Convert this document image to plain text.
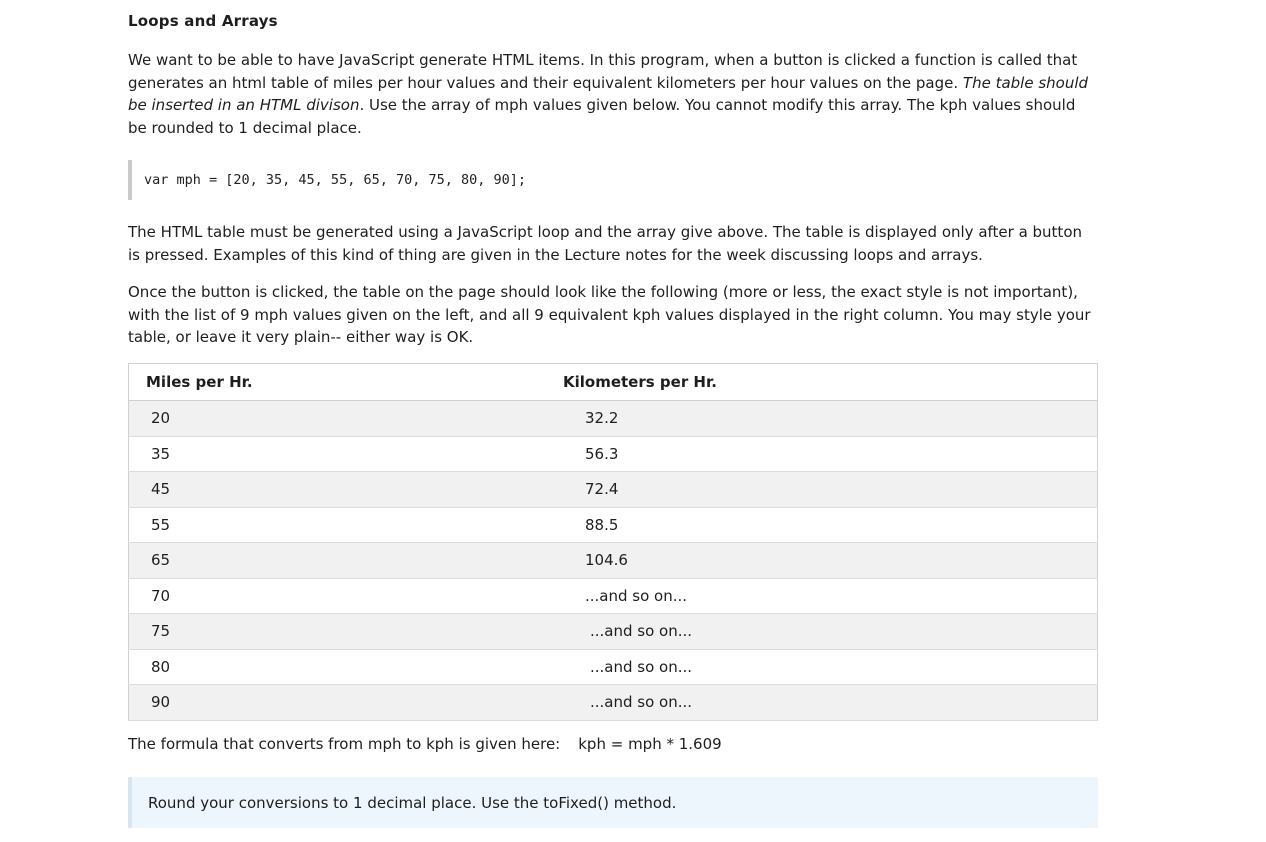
Loops and Arrays

We want to be able to have JavaScript generate HTML items. In this program, when a button is clicked a function is called that generates an html table of miles per hour values and their equivalent kilometers per hour values on the page. The table should be inserted in an HTML divison. Use the array of mph values given below. You cannot modify this array. The kph values should be rounded to 1 decimal place.

var mph = [20, 35, 45, 55, 65, 70, 75, 80, 90];

The HTML table must be generated using a JavaScript loop and the array give above. The table is displayed only after a button is pressed. Examples of this kind of thing are given in the Lecture notes for the week discussing loops and arrays.

Once the button is clicked, the table on the page should look like the following (more or less, the exact style is not important), with the list of 9 mph values given on the left, and all 9 equivalent kph values displayed in the right column. You may style your table, or leave it very plain-- either way is OK.

Miles per Hr.	Kilometers per Hr.
20	32.2
35	56.3
45	72.4
55	88.5
65	104.6
70	...and so on...
75	...and so on...
80	...and so on...
90	...and so on...
The formula that converts from mph to kph is given here: kph = mph * 1.609
Round your conversions to 1 decimal place. Use the toFixed() method.
